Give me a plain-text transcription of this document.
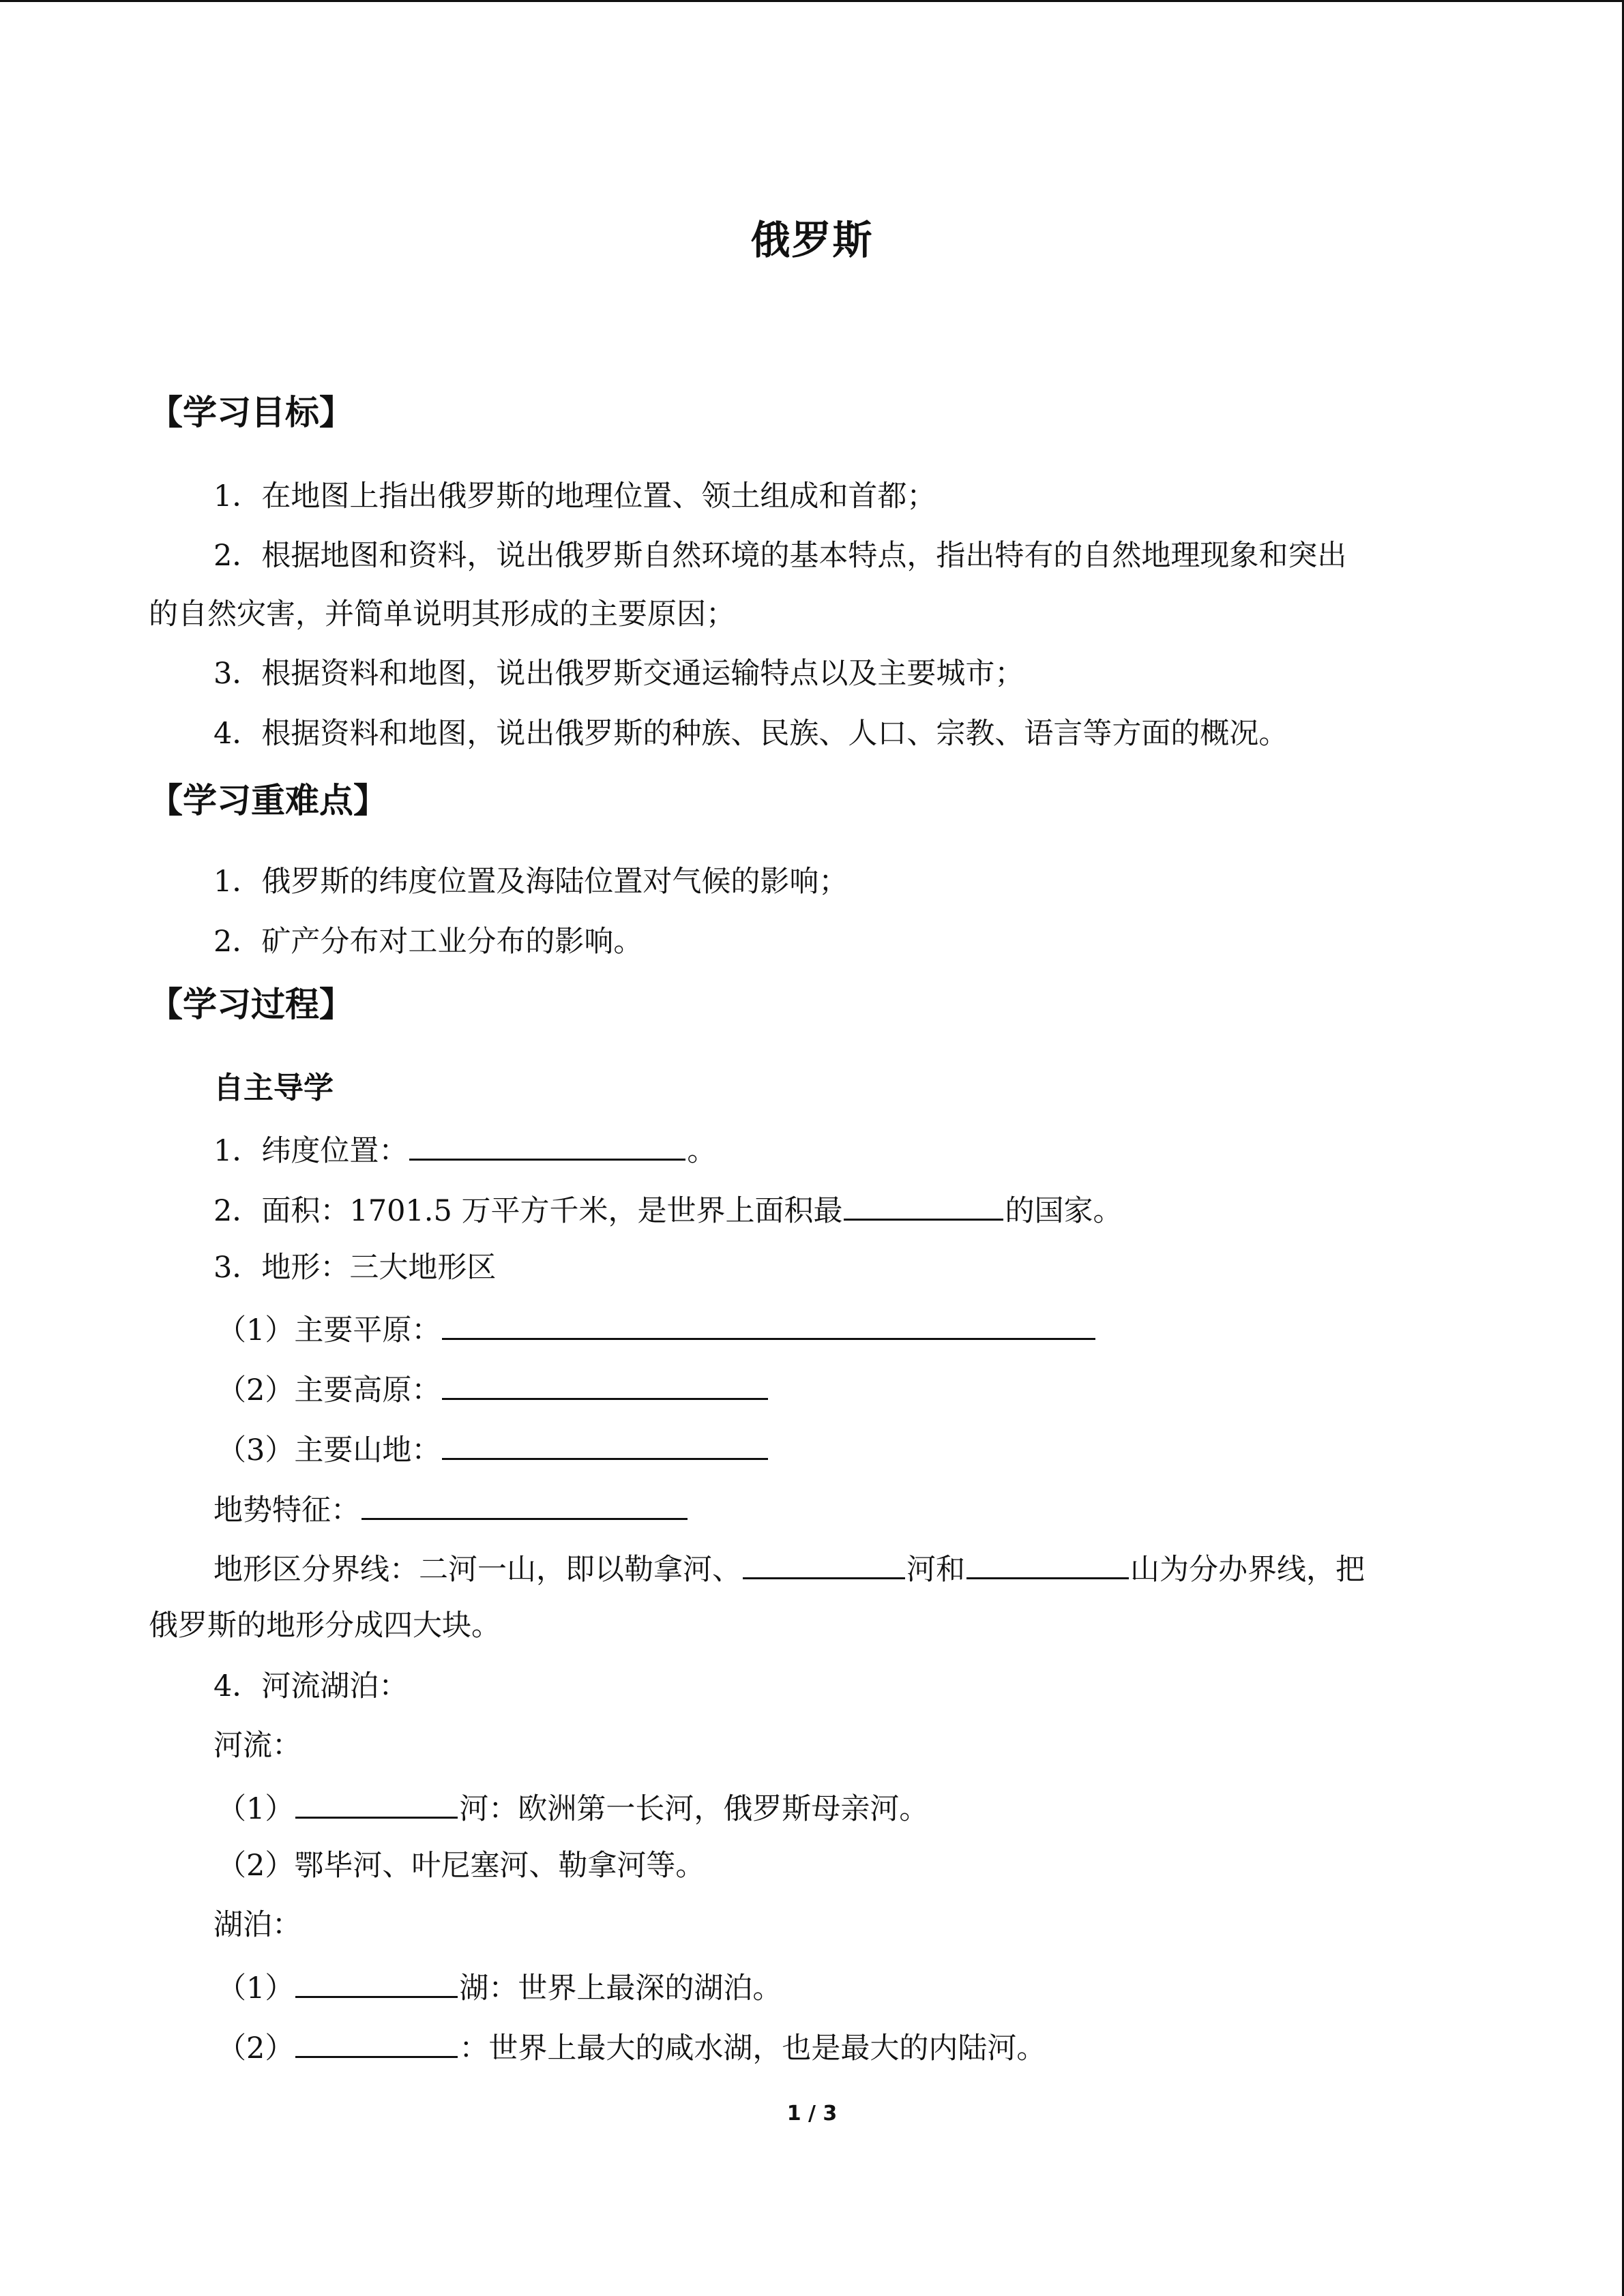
俄罗斯
【学习目标】
1．在地图上指出俄罗斯的地理位置、领土组成和首都；
2．根据地图和资料，说出俄罗斯自然环境的基本特点，指出特有的自然地理现象和突出
的自然灾害，并简单说明其形成的主要原因；
3．根据资料和地图，说出俄罗斯交通运输特点以及主要城市；
4．根据资料和地图，说出俄罗斯的种族、民族、人口、宗教、语言等方面的概况。
【学习重难点】
1．俄罗斯的纬度位置及海陆位置对气候的影响；
2．矿产分布对工业分布的影响。
【学习过程】
自主导学
1．纬度位置：	。
2．面积：1701.5 万平方千米，是世界上面积最	的国家。
3．地形：三大地形区
（1）主要平原：
（2）主要高原：
（3）主要山地：
地势特征：
地形区分界线：二河一山，即以勒拿河、	河和	山为分办界线，把
俄罗斯的地形分成四大块。
4．河流湖泊：
河流：
（1）	河：欧洲第一长河，俄罗斯母亲河。
（2）鄂毕河、叶尼塞河、勒拿河等。
湖泊：
（1）	湖：世界上最深的湖泊。
（2）	：世界上最大的咸水湖，也是最大的内陆河。
1 / 3
